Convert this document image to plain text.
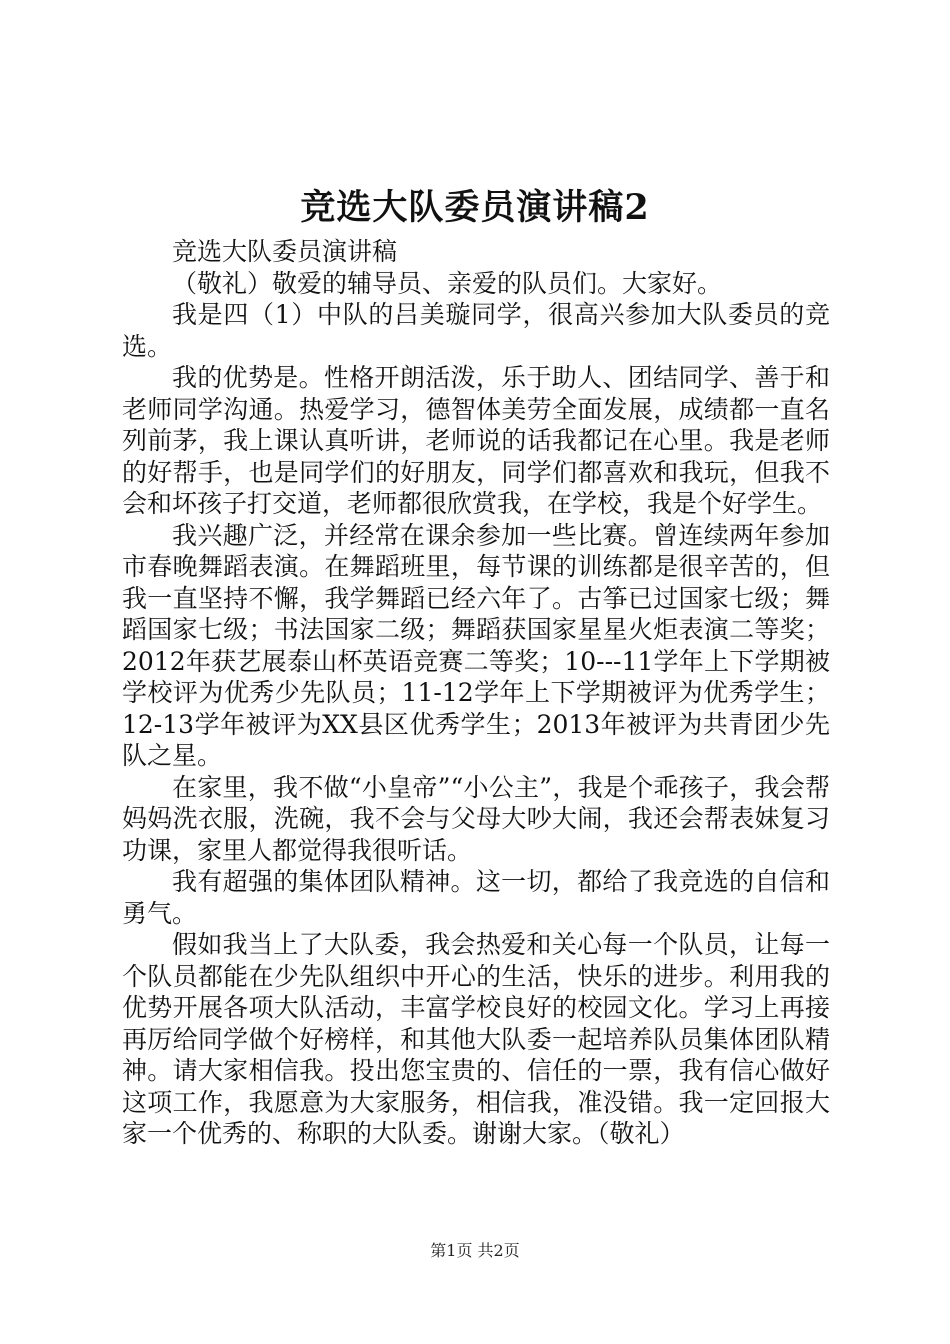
竞选大队委员演讲稿2

竞选大队委员演讲稿

（敬礼）敬爱的辅导员、亲爱的队员们。大家好。

我是四（1）中队的吕美璇同学，很高兴参加大队委员的竞选。

我的优势是。性格开朗活泼，乐于助人、团结同学、善于和老师同学沟通。热爱学习，德智体美劳全面发展，成绩都一直名列前茅，我上课认真听讲，老师说的话我都记在心里。我是老师的好帮手，也是同学们的好朋友，同学们都喜欢和我玩，但我不会和坏孩子打交道，老师都很欣赏我，在学校，我是个好学生。

我兴趣广泛，并经常在课余参加一些比赛。曾连续两年参加市春晚舞蹈表演。在舞蹈班里，每节课的训练都是很辛苦的，但我一直坚持不懈，我学舞蹈已经六年了。古筝已过国家七级；舞蹈国家七级；书法国家二级；舞蹈获国家星星火炬表演二等奖；2012年获艺展泰山杯英语竞赛二等奖；10---11学年上下学期被学校评为优秀少先队员；11-12学年上下学期被评为优秀学生；12-13学年被评为XX县区优秀学生；2013年被评为共青团少先队之星。

在家里，我不做“小皇帝”“小公主”，我是个乖孩子，我会帮妈妈洗衣服，洗碗，我不会与父母大吵大闹，我还会帮表妹复习功课，家里人都觉得我很听话。

我有超强的集体团队精神。这一切，都给了我竞选的自信和勇气。

假如我当上了大队委，我会热爱和关心每一个队员，让每一个队员都能在少先队组织中开心的生活，快乐的进步。利用我的优势开展各项大队活动，丰富学校良好的校园文化。学习上再接再厉给同学做个好榜样，和其他大队委一起培养队员集体团队精神。请大家相信我。投出您宝贵的、信任的一票，我有信心做好这项工作，我愿意为大家服务，相信我，准没错。我一定回报大家一个优秀的、称职的大队委。谢谢大家。（敬礼）

第1页 共2页
